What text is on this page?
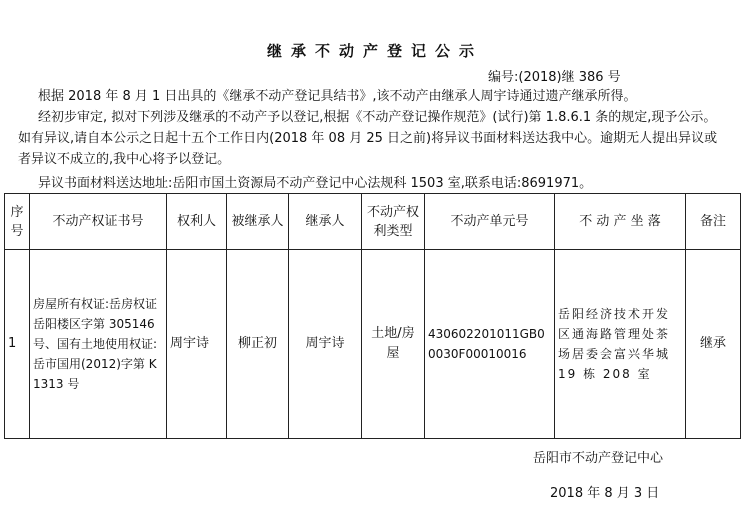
继承不动产登记公示
编号:(2018)继 386 号
根据 2018 年 8 月 1 日出具的《继承不动产登记具结书》,该不动产由继承人周宇诗通过遗产继承所得。
经初步审定, 拟对下列涉及继承的不动产予以登记,根据《不动产登记操作规范》(试行)第 1.8.6.1 条的规定,现予公示。如有异议,请自本公示之日起十五个工作日内(2018 年 08 月 25 日之前)将异议书面材料送达我中心。逾期无人提出异议或者异议不成立的,我中心将予以登记。
异议书面材料送达地址:岳阳市国土资源局不动产登记中心法规科 1503 室,联系电话:8691971。
序号	不动产权证书号	权利人	被继承人	继承人	不动产权利类型	不动产单元号	不 动 产 坐 落	备注
1	房屋所有权证:岳房权证岳阳楼区字第 305146 号、国有土地使用权证:岳市国用(2012)字第 K1313 号	周宇诗	柳正初	周宇诗	土地/房屋	430602201011GB00030F00010016	岳阳经济技术开发区通海路管理处茶场居委会富兴华城 19 栋 208 室	继承
岳阳市不动产登记中心
2018 年 8 月 3 日
